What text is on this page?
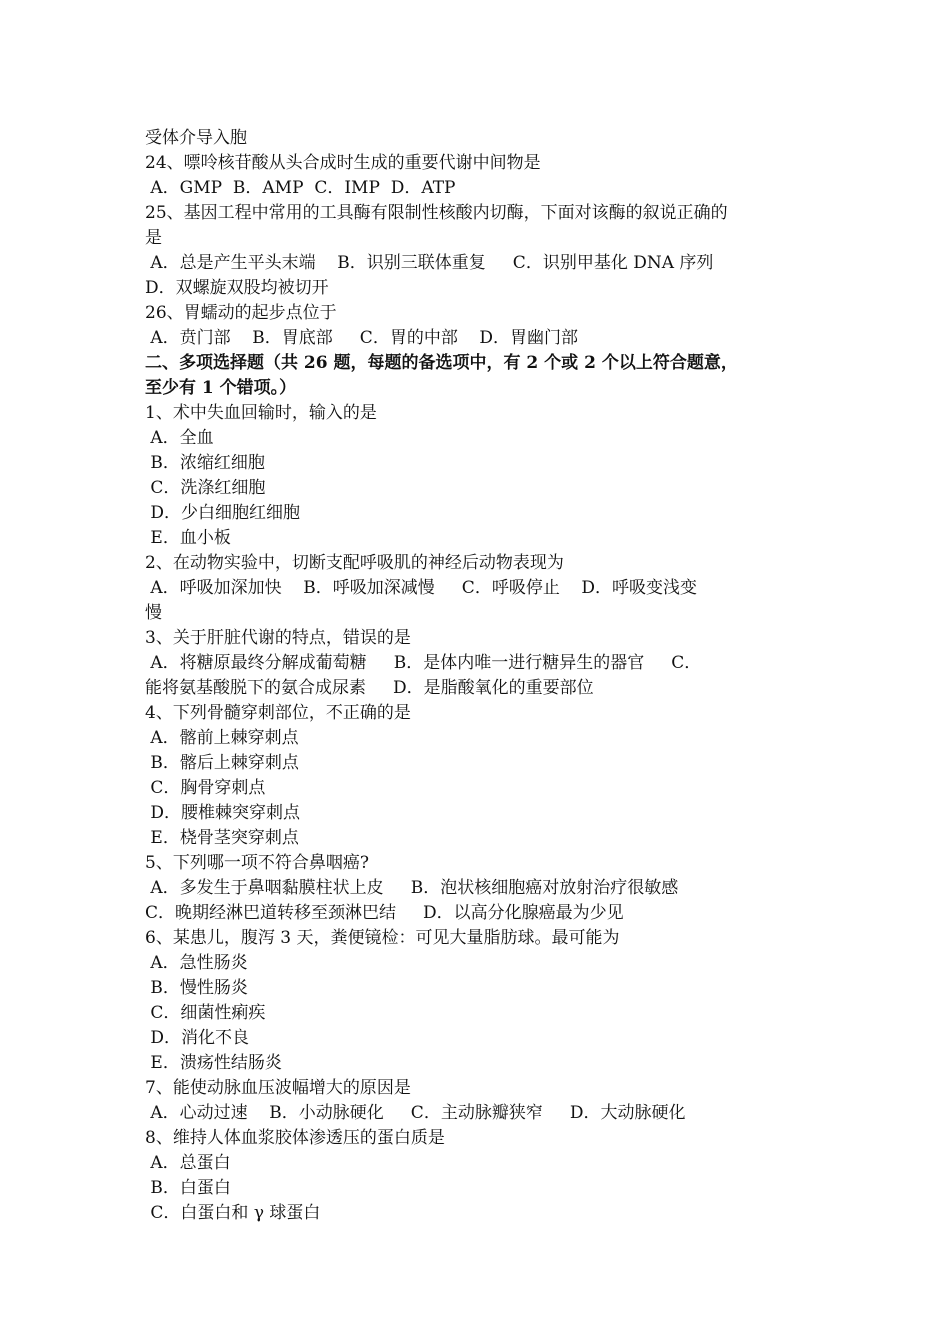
受体介导入胞
24、嘌呤核苷酸从头合成时生成的重要代谢中间物是
A．GMP  B．AMP  C．IMP  D．ATP
25、基因工程中常用的工具酶有限制性核酸内切酶，下面对该酶的叙说正确的
是
A．总是产生平头末端    B．识别三联体重复     C．识别甲基化 DNA 序列
D．双螺旋双股均被切开
26、胃蠕动的起步点位于
A．贲门部    B．胃底部     C．胃的中部    D．胃幽门部
二、多项选择题（共 26 题，每题的备选项中，有 2 个或 2 个以上符合题意，
至少有 1 个错项。）
1、术中失血回输时，输入的是
A．全血
B．浓缩红细胞
C．洗涤红细胞
D．少白细胞红细胞
E．血小板
2、在动物实验中，切断支配呼吸肌的神经后动物表现为
A．呼吸加深加快    B．呼吸加深减慢     C．呼吸停止    D．呼吸变浅变
慢
3、关于肝脏代谢的特点，错误的是
A．将糖原最终分解成葡萄糖     B．是体内唯一进行糖异生的器官     C．
能将氨基酸脱下的氨合成尿素     D．是脂酸氧化的重要部位
4、下列骨髓穿刺部位，不正确的是
A．髂前上棘穿刺点
B．髂后上棘穿刺点
C．胸骨穿刺点
D．腰椎棘突穿刺点
E．桡骨茎突穿刺点
5、下列哪一项不符合鼻咽癌?
A．多发生于鼻咽黏膜柱状上皮     B．泡状核细胞癌对放射治疗很敏感
C．晚期经淋巴道转移至颈淋巴结     D．以高分化腺癌最为少见
6、某患儿，腹泻 3 天，粪便镜检：可见大量脂肪球。最可能为
A．急性肠炎
B．慢性肠炎
C．细菌性痢疾
D．消化不良
E．溃疡性结肠炎
7、能使动脉血压波幅增大的原因是
A．心动过速    B．小动脉硬化     C．主动脉瓣狭窄     D．大动脉硬化
8、维持人体血浆胶体渗透压的蛋白质是
A．总蛋白
B．白蛋白
C．白蛋白和 γ 球蛋白
